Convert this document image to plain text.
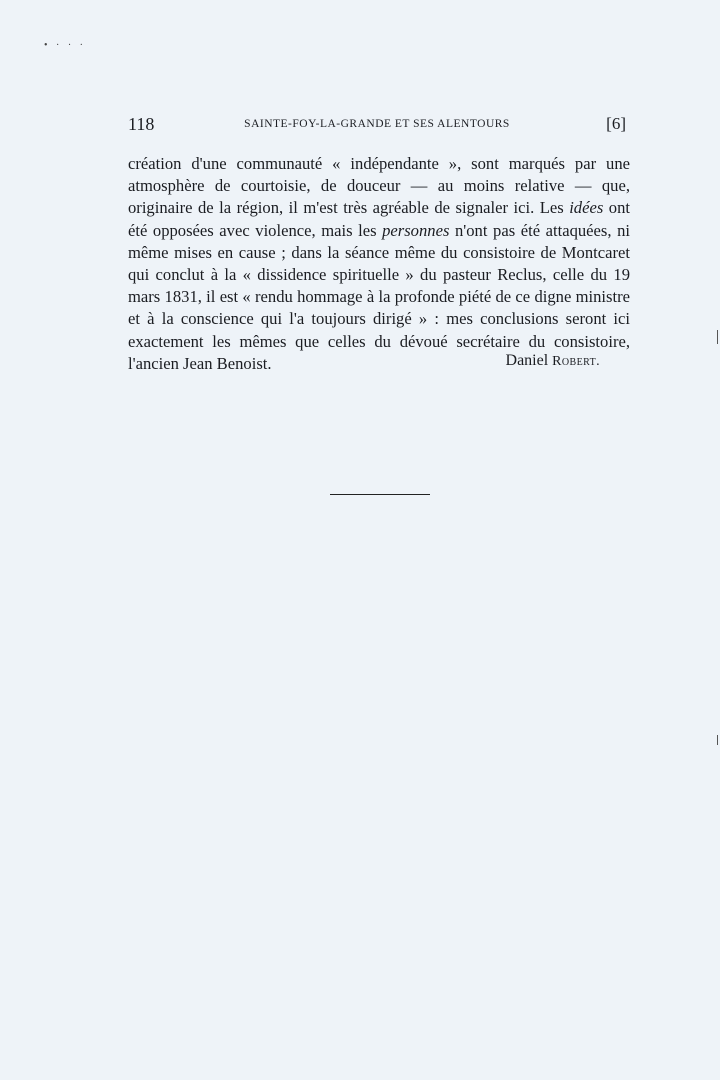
• · · ·
118	SAINTE-FOY-LA-GRANDE ET SES ALENTOURS	[6]

création d'une communauté « indépendante », sont marqués par une atmosphère de courtoisie, de douceur — au moins relative — que, originaire de la région, il m'est très agréable de signaler ici. Les idées ont été opposées avec violence, mais les personnes n'ont pas été attaquées, ni même mises en cause ; dans la séance même du consistoire de Montcaret qui conclut à la « dissidence spirituelle » du pasteur Reclus, celle du 19 mars 1831, il est « rendu hommage à la profonde piété de ce digne ministre et à la conscience qui l'a toujours dirigé » : mes conclusions seront ici exactement les mêmes que celles du dévoué secrétaire du consistoire, l'ancien Jean Benoist.	Daniel Robert.
